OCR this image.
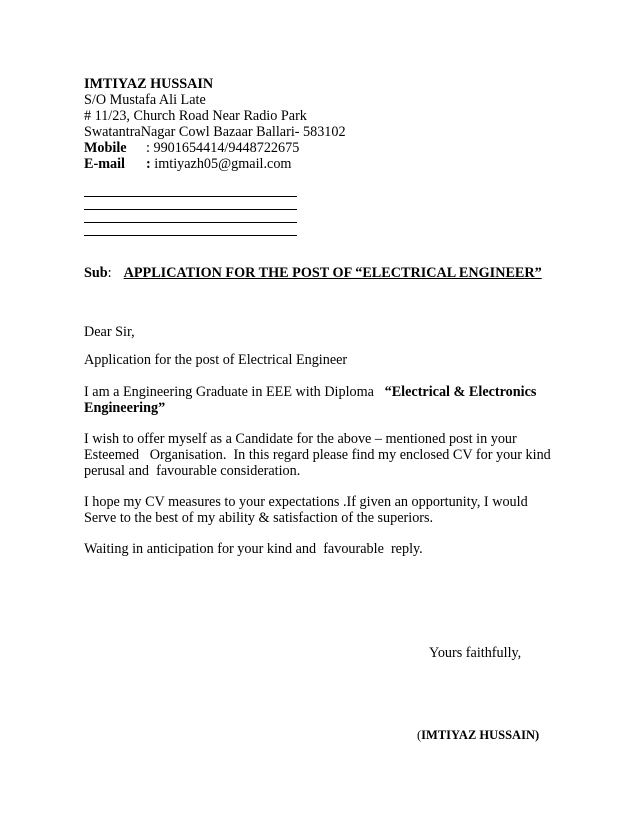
IMTIYAZ HUSSAIN
S/O Mustafa Ali Late
# 11/23, Church Road Near Radio Park
SwatantraNagar Cowl Bazaar Ballari- 583102
Mobile : 9901654414/9448722675
E-mail : imtiyazh05@gmail.com
Sub: APPLICATION FOR THE POST OF “ELECTRICAL ENGINEER”
Dear Sir,
Application for the post of Electrical Engineer
I am a Engineering Graduate in EEE with Diploma   “Electrical & Electronics
Engineering”
I wish to offer myself as a Candidate for the above – mentioned post in your
Esteemed   Organisation.  In this regard please find my enclosed CV for your kind
perusal and  favourable consideration.
I hope my CV measures to your expectations .If given an opportunity, I would
Serve to the best of my ability & satisfaction of the superiors.
Waiting in anticipation for your kind and  favourable  reply.
Yours faithfully,
(IMTIYAZ HUSSAIN)
